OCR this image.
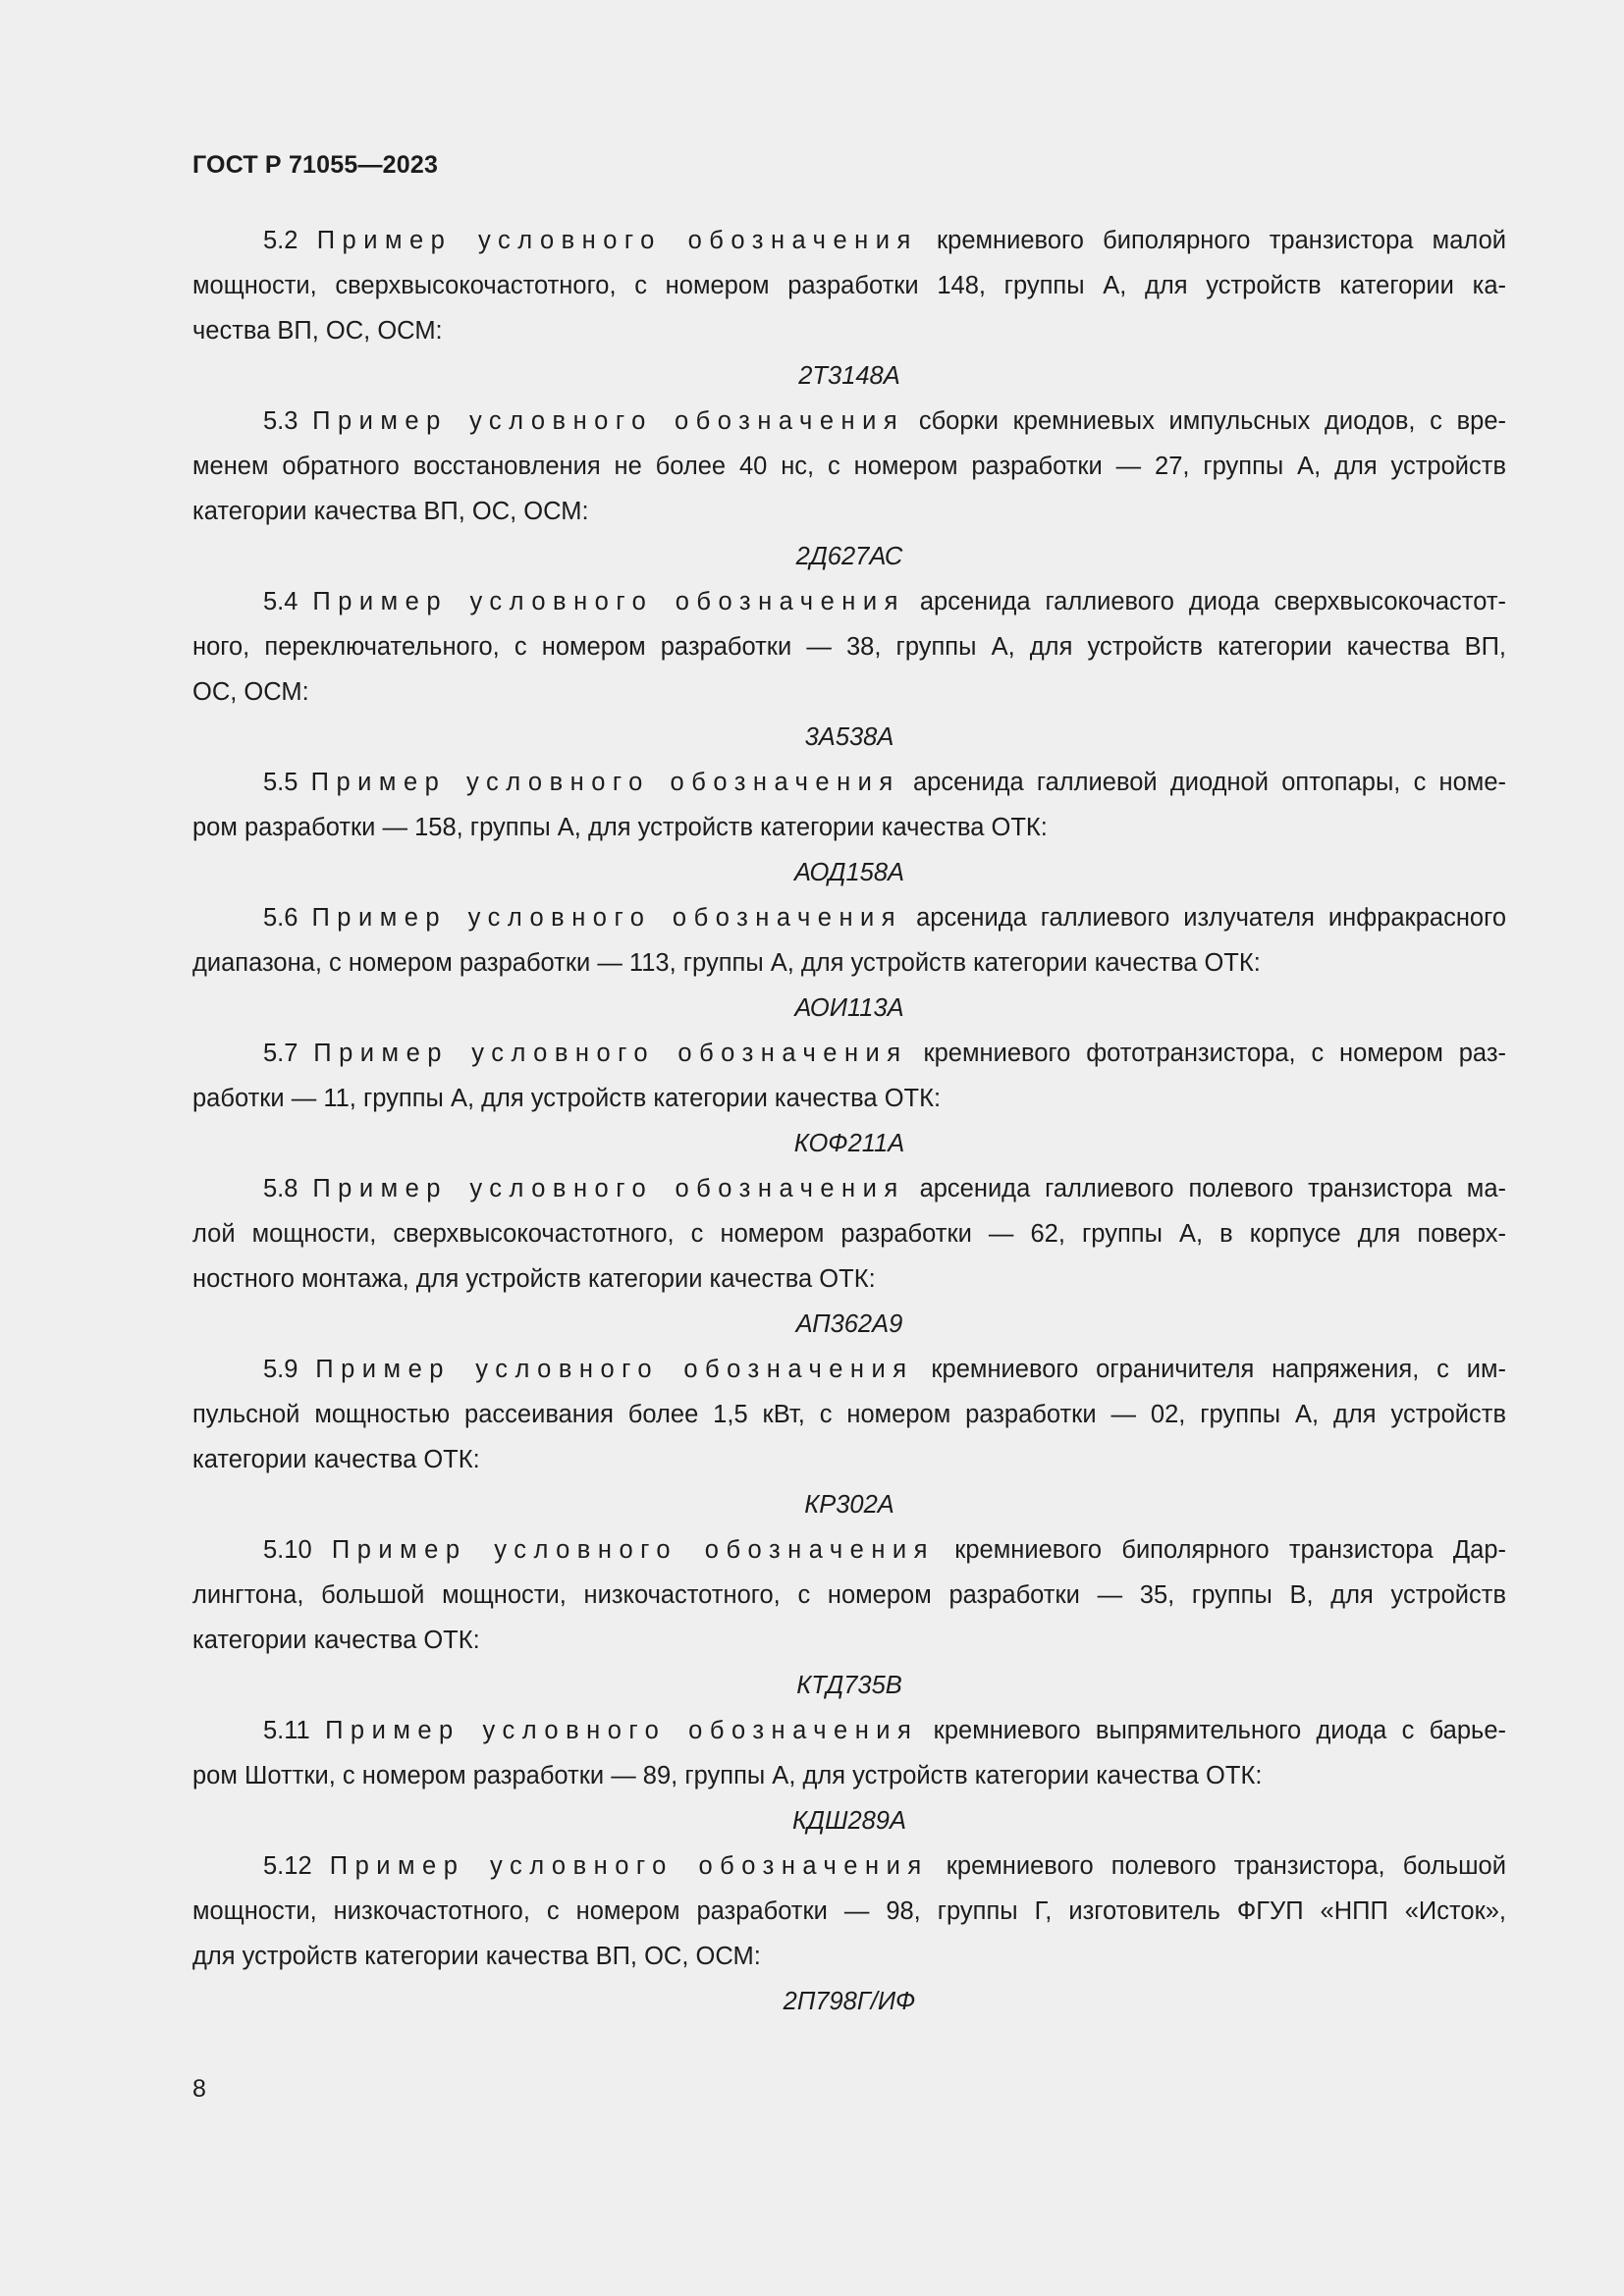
ГОСТ Р 71055—2023
5.2 Пример условного обозначения кремниевого биполярного транзистора малой
мощности, сверхвысокочастотного, с номером разработки 148, группы А, для устройств категории ка-
чества ВП, ОС, ОСМ:
2Т3148А
5.3 Пример условного обозначения сборки кремниевых импульсных диодов, с вре-
менем обратного восстановления не более 40 нс, с номером разработки — 27, группы А, для устройств
категории качества ВП, ОС, ОСМ:
2Д627АС
5.4 Пример условного обозначения арсенида галлиевого диода сверхвысокочастот-
ного, переключательного, с номером разработки — 38, группы А, для устройств категории качества ВП,
ОС, ОСМ:
3А538А
5.5 Пример условного обозначения арсенида галлиевой диодной оптопары, с номе-
ром разработки — 158, группы А, для устройств категории качества ОТК:
АОД158А
5.6 Пример условного обозначения арсенида галлиевого излучателя инфракрасного
диапазона, с номером разработки — 113, группы А, для устройств категории качества ОТК:
АОИ113А
5.7 Пример условного обозначения кремниевого фототранзистора, с номером раз-
работки — 11, группы А, для устройств категории качества ОТК:
КОФ211А
5.8 Пример условного обозначения арсенида галлиевого полевого транзистора ма-
лой мощности, сверхвысокочастотного, с номером разработки — 62, группы А, в корпусе для поверх-
ностного монтажа, для устройств категории качества ОТК:
АП362А9
5.9 Пример условного обозначения кремниевого ограничителя напряжения, с им-
пульсной мощностью рассеивания более 1,5 кВт, с номером разработки — 02, группы А, для устройств
категории качества ОТК:
КР302А
5.10 Пример условного обозначения кремниевого биполярного транзистора Дар-
лингтона, большой мощности, низкочастотного, с номером разработки — 35, группы В, для устройств
категории качества ОТК:
КТД735В
5.11 Пример условного обозначения кремниевого выпрямительного диода с барье-
ром Шоттки, с номером разработки — 89, группы А, для устройств категории качества ОТК:
КДШ289А
5.12 Пример условного обозначения кремниевого полевого транзистора, большой
мощности, низкочастотного, с номером разработки — 98, группы Г, изготовитель ФГУП «НПП «Исток»,
для устройств категории качества ВП, ОС, ОСМ:
2П798Г/ИФ
8
